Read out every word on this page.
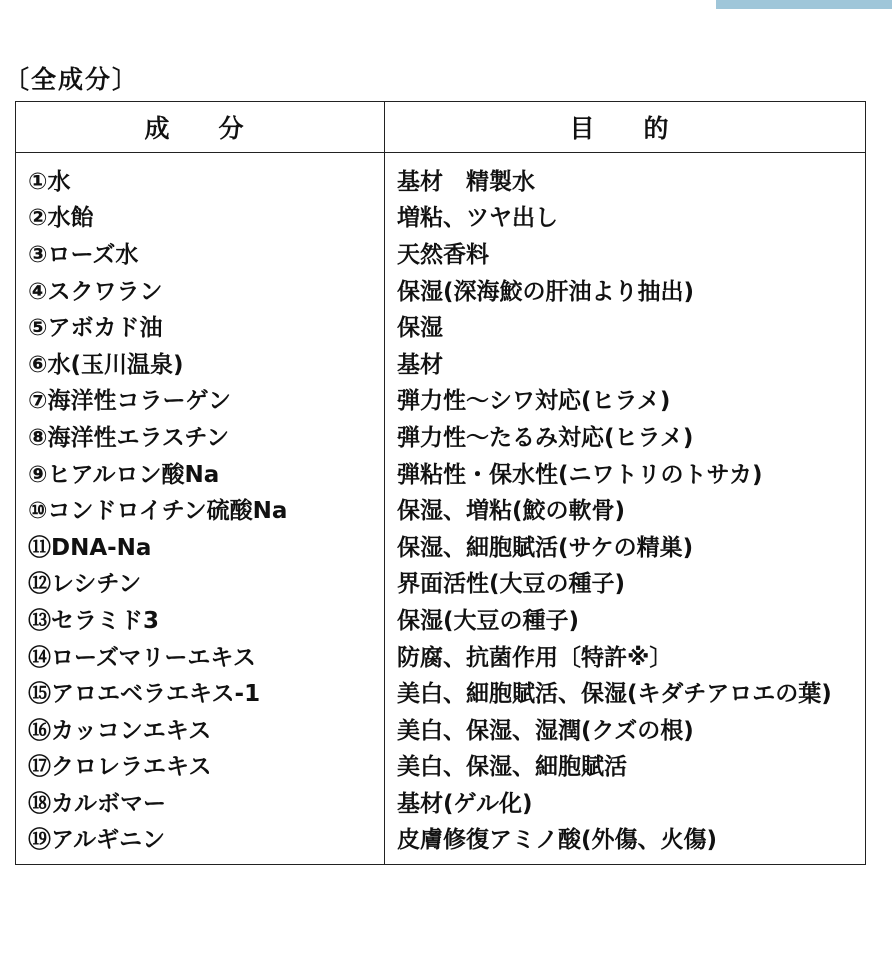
〔全成分〕
成　分	目　的
①水	基材　精製水
②水飴	増粘、ツヤ出し
③ローズ水	天然香料
④スクワラン	保湿(深海鮫の肝油より抽出)
⑤アボカド油	保湿
⑥水(玉川温泉)	基材
⑦海洋性コラーゲン	弾力性～シワ対応(ヒラメ)
⑧海洋性エラスチン	弾力性～たるみ対応(ヒラメ)
⑨ヒアルロン酸Na	弾粘性・保水性(ニワトリのトサカ)
⑩コンドロイチン硫酸Na	保湿、増粘(鮫の軟骨)
⑪DNA-Na	保湿、細胞賦活(サケの精巣)
⑫レシチン	界面活性(大豆の種子)
⑬セラミド3	保湿(大豆の種子)
⑭ローズマリーエキス	防腐、抗菌作用〔特許※〕
⑮アロエベラエキス-1	美白、細胞賦活、保湿(キダチアロエの葉)
⑯カッコンエキス	美白、保湿、湿潤(クズの根)
⑰クロレラエキス	美白、保湿、細胞賦活
⑱カルボマー	基材(ゲル化)
⑲アルギニン	皮膚修復アミノ酸(外傷、火傷)
